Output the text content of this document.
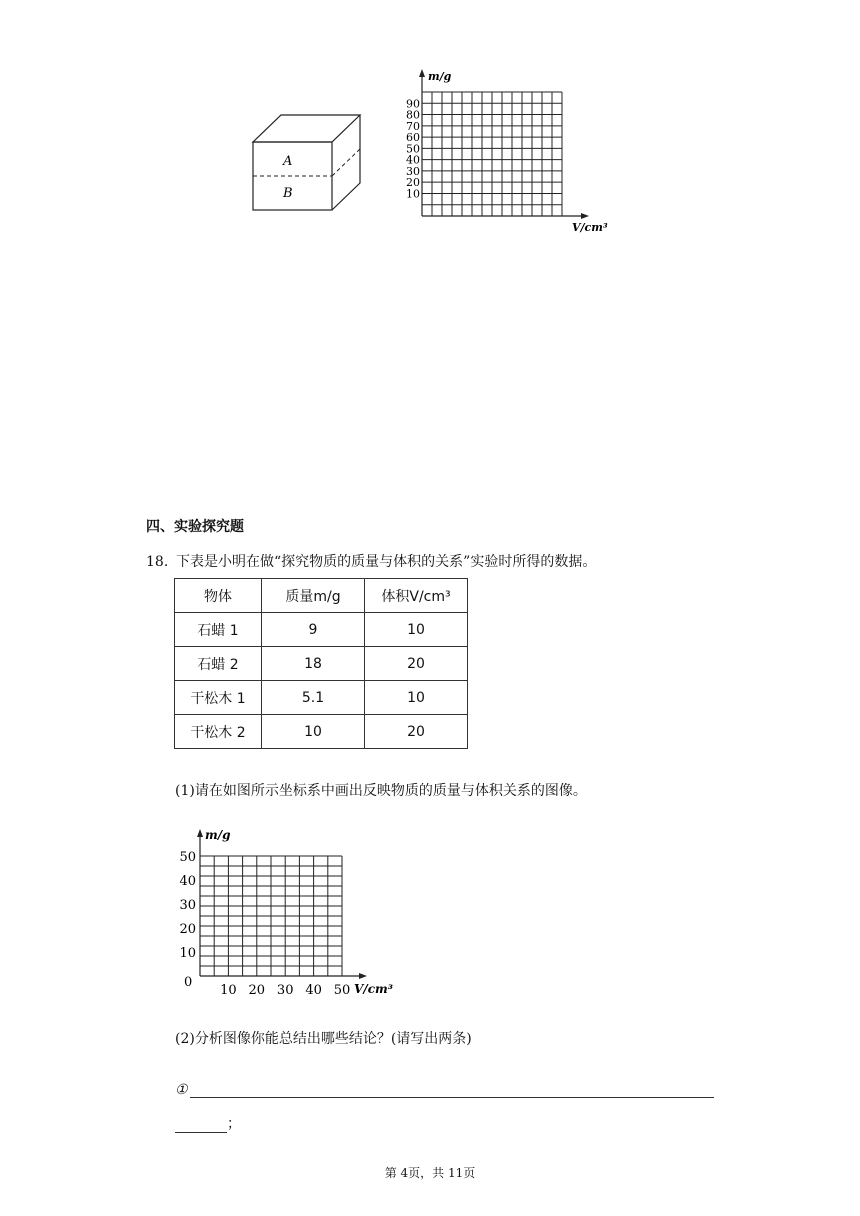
A
B
m/g
V/cm³
90
80
70
60
50
40
30
20
10
四、实验探究题
18. 下表是小明在做“探究物质的质量与体积的关系”实验时所得的数据。
物体	质量m/g	体积V/cm³
石蜡 1	9	10
石蜡 2	18	20
干松木 1	5.1	10
干松木 2	10	20
(1)请在如图所示坐标系中画出反映物质的质量与体积关系的图像。
m/g
V/cm³
0
50
40
30
20
10
10 20 30 40 50
(2)分析图像你能总结出哪些结论？(请写出两条)
①
；
第 4页，共 11页
